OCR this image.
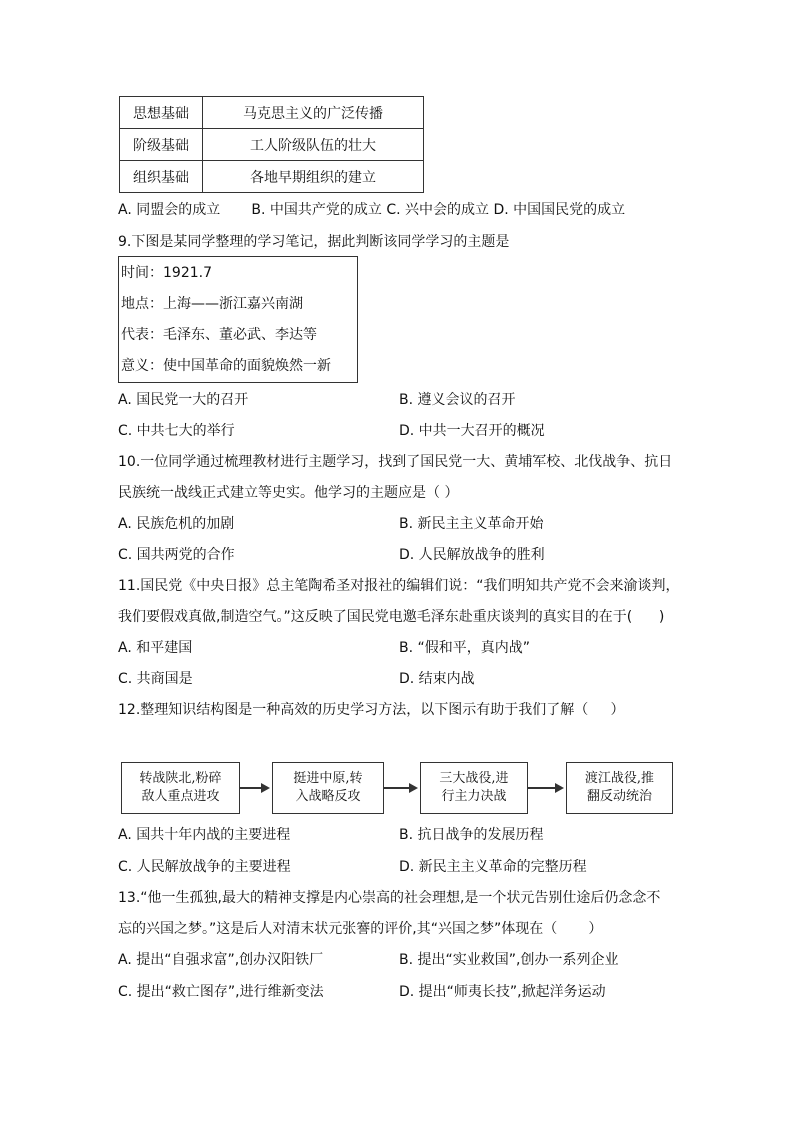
思想基础	马克思主义的广泛传播
阶级基础	工人阶级队伍的壮大
组织基础	各地早期组织的建立
A. 同盟会的成立       B. 中国共产党的成立 C. 兴中会的成立 D. 中国国民党的成立
9.下图是某同学整理的学习笔记，据此判断该同学学习的主题是
时间：1921.7
地点：上海——浙江嘉兴南湖
代表：毛泽东、董必武、李达等
意义：使中国革命的面貌焕然一新
A. 国民党一大的召开	B. 遵义会议的召开
C. 中共七大的举行	D. 中共一大召开的概况
10.一位同学通过梳理教材进行主题学习，找到了国民党一大、黄埔军校、北伐战争、抗日
民族统一战线正式建立等史实。他学习的主题应是（ ）
A. 民族危机的加剧	B. 新民主主义革命开始
C. 国共两党的合作	D. 人民解放战争的胜利
11.国民党《中央日报》总主笔陶希圣对报社的编辑们说：“我们明知共产党不会来渝谈判，
我们要假戏真做,制造空气。”这反映了国民党电邀毛泽东赴重庆谈判的真实目的在于(      )
A. 和平建国	B. “假和平，真内战”
C. 共商国是	D. 结束内战
12.整理知识结构图是一种高效的历史学习方法，以下图示有助于我们了解（     ）
转战陕北,粉碎
敌人重点进攻
挺进中原,转
入战略反攻
三大战役,进
行主力决战
渡江战役,推
翻反动统治
A. 国共十年内战的主要进程	B. 抗日战争的发展历程
C. 人民解放战争的主要进程	D. 新民主主义革命的完整历程
13.“他一生孤独,最大的精神支撑是内心崇高的社会理想,是一个状元告别仕途后仍念念不
忘的兴国之梦。”这是后人对清末状元张謇的评价,其“兴国之梦”体现在（       ）
A. 提出“自强求富”,创办汉阳铁厂	B. 提出“实业救国”,创办一系列企业
C. 提出“救亡图存”,进行维新变法	D. 提出“师夷长技”,掀起洋务运动
